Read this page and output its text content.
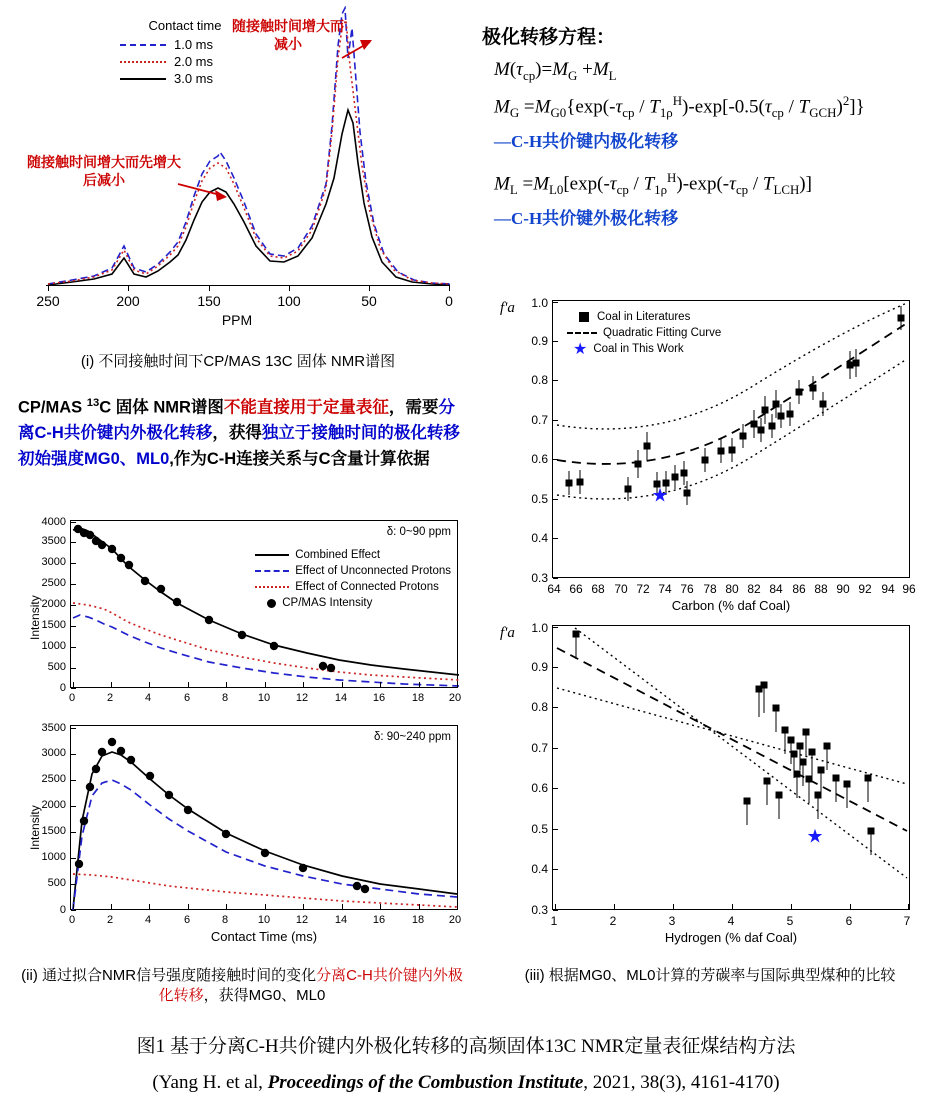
Contact time
1.0 ms
2.0 ms
3.0 ms
随接触时间增大而减小
随接触时间增大而先增大后减小
250	200	150	100	50	0
PPM
(i) 不同接触时间下CP/MAS 13C 固体 NMR谱图
极化转移方程：
$M(\tau_{cp})=M_G +M_L$
$M_G =M_{G0}\{\exp(-\tau_{cp} / T_{1\rho}^H)-\exp[-0.5(\tau_{cp} / T_{GCH})^2]\}$
—C-H共价键内极化转移
$M_L =M_{L0}[\exp(-\tau_{cp} / T_{1\rho}^H)-\exp(-\tau_{cp} / T_{LCH})]$
—C-H共价键外极化转移
CP/MAS $^{13}$C 固体 NMR谱图不能直接用于定量表征，需要分离C-H共价键内外极化转移，获得独立于接触时间的极化转移初始强度MG0、ML0,作为C-H连接关系与C含量计算依据
δ: 0~90 ppm
Combined Effect
Effect of Unconnected Protons
Effect of Connected Protons
CP/MAS Intensity
Intensity
0
500
1000
1500
2000
2500
3000
3500
4000
0	2	4	6	8	10 12 14 16 18 20
δ: 90~240 ppm
Intensity
0
500
1000
1500
2000
2500
3000
3500
0	2	4	6	8	10 12 14 16 18 20
Contact Time (ms)
(ii) 通过拟合NMR信号强度随接触时间的变化分离C-H共价键内外极化转移，获得MG0、ML0
Coal in Literatures
Quadratic Fitting Curve
★ Coal in This Work
★
f'a
0.3
0.4
0.5
0.6
0.7
0.8
0.9
1.0
64 66 68 70 72 74 76 78 80 82 84 86 88 90 92 94 96
Carbon (% daf Coal)
★
f'a
0.3
0.4
0.5
0.6
0.7
0.8
0.9
1.0
1	2	3	4	5	6	7
Hydrogen (% daf Coal)
(iii) 根据MG0、ML0计算的芳碳率与国际典型煤种的比较
图1 基于分离C-H共价键内外极化转移的高频固体13C NMR定量表征煤结构方法
(Yang H. et al, Proceedings of the Combustion Institute, 2021, 38(3), 4161-4170)
